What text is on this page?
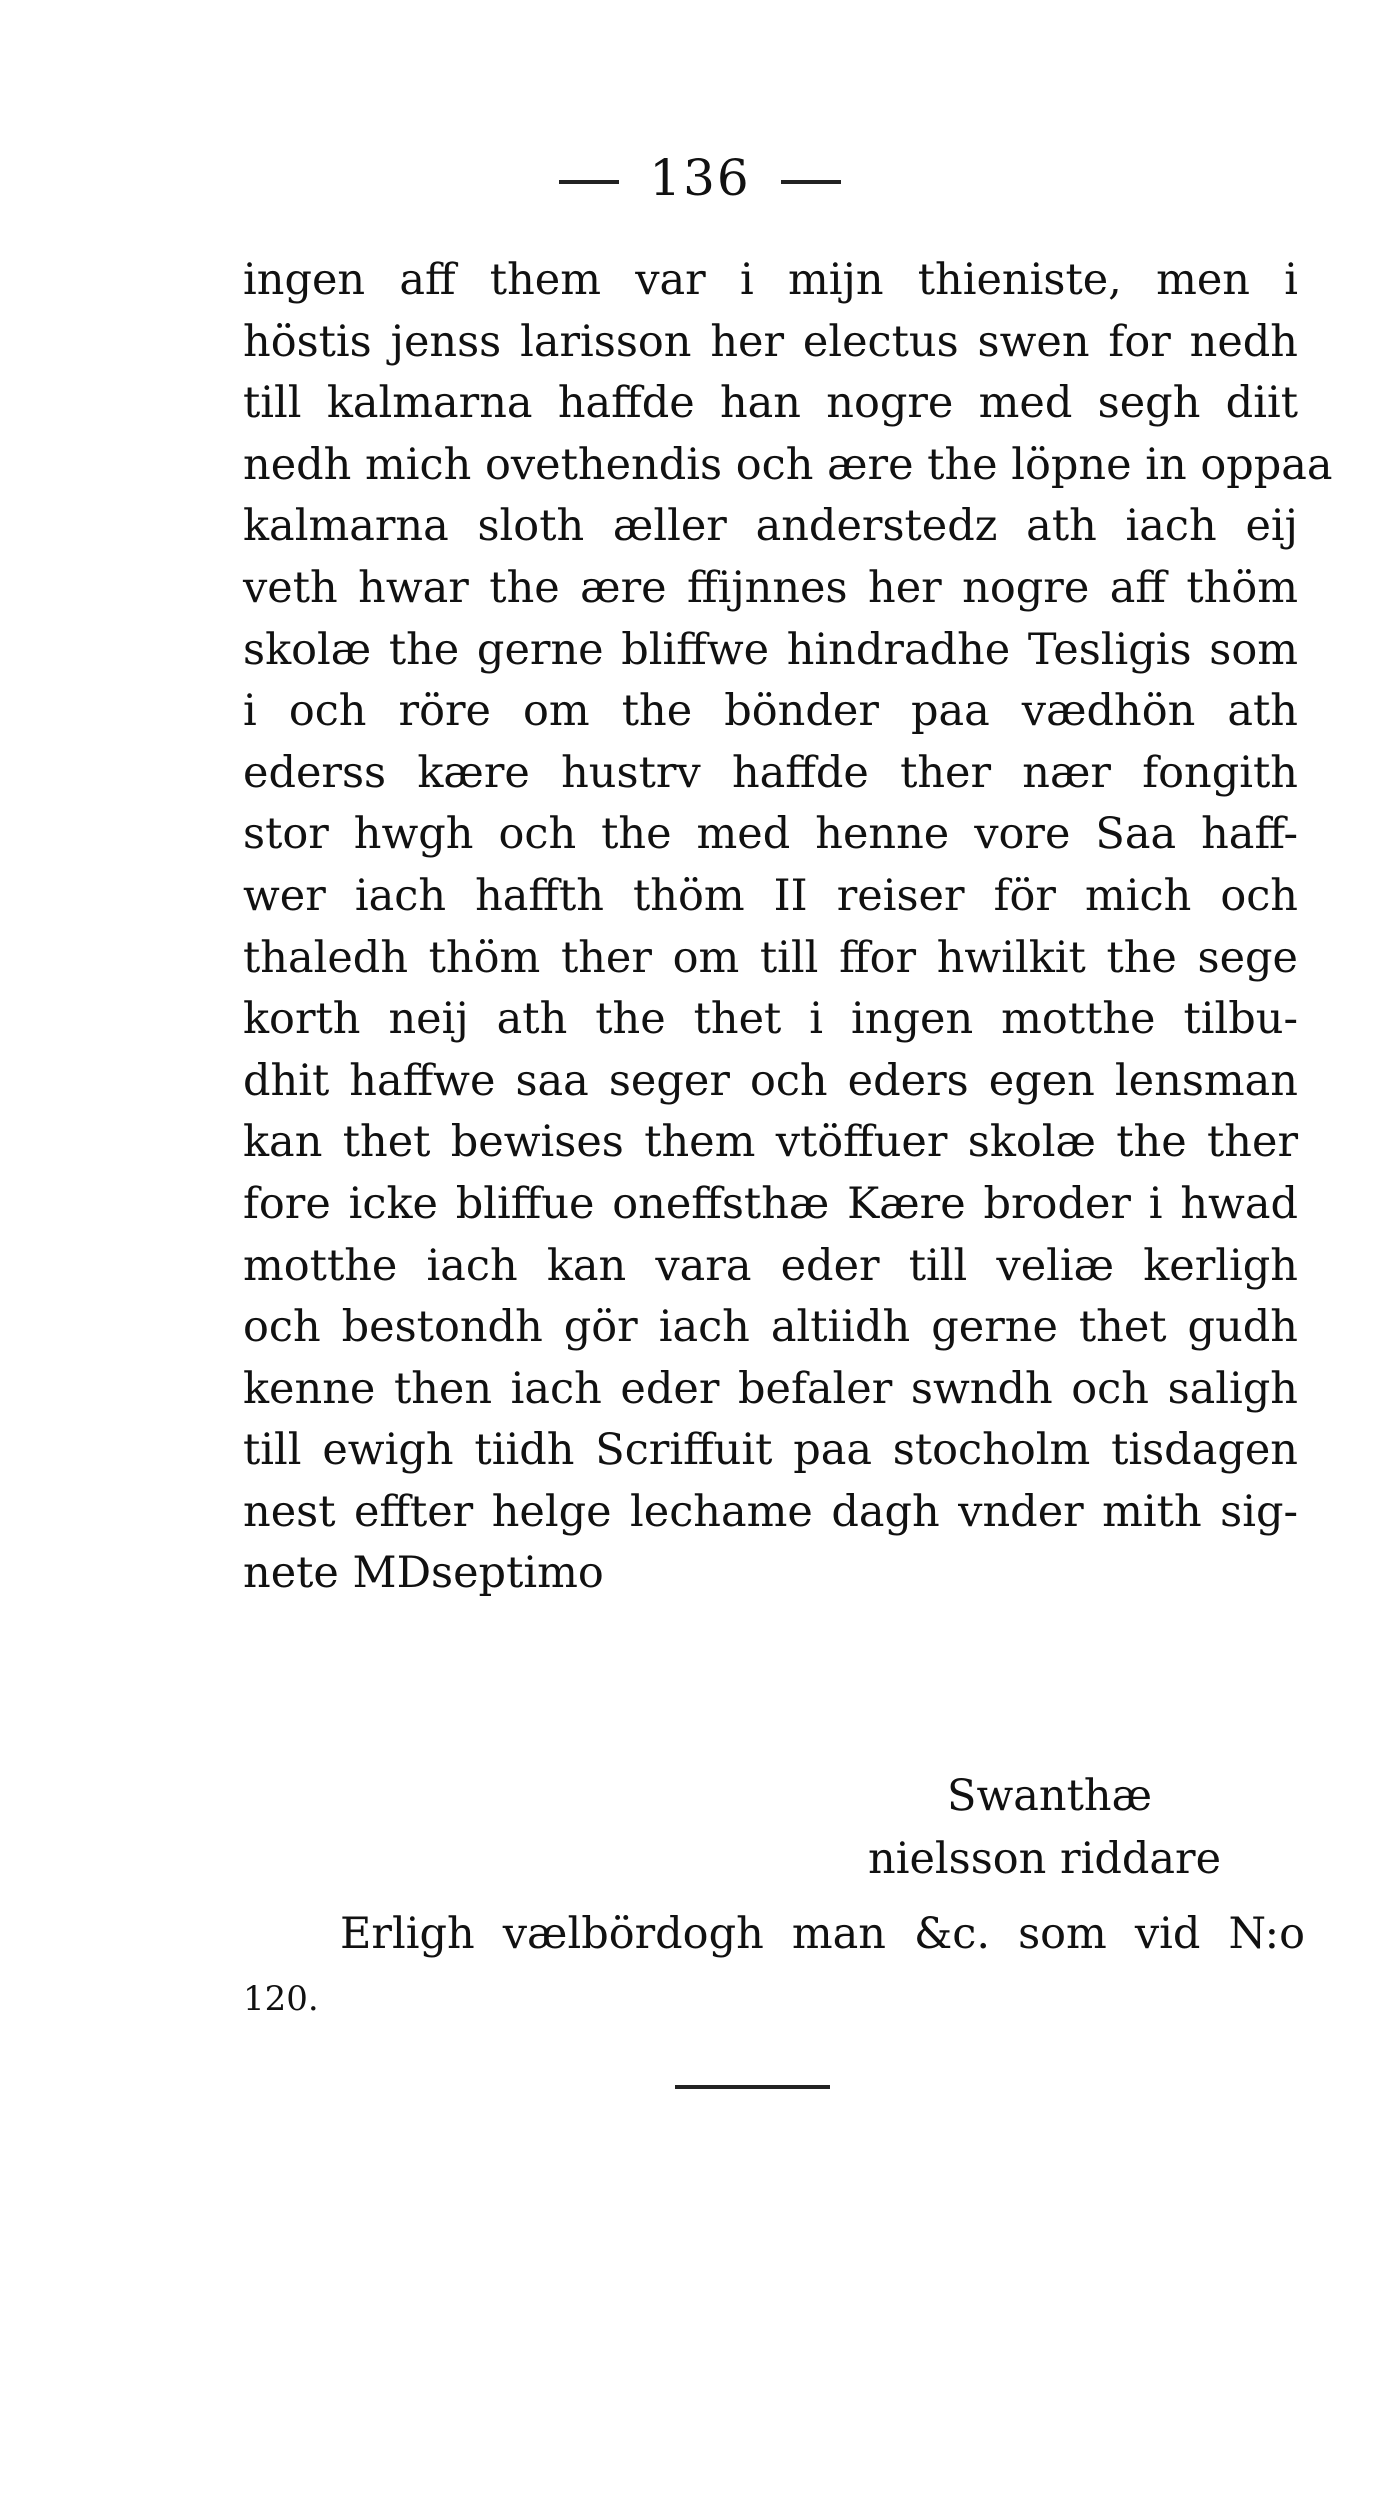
136
ingen aff them var i mijn thieniste, men i
höstis jenss larisson her electus swen for nedh
till kalmarna haffde han nogre med segh diit
nedh mich ovethendis och ære the löpne in oppaa
kalmarna sloth æller anderstedz ath iach eij
veth hwar the ære ffijnnes her nogre aff thöm
skolæ the gerne bliffwe hindradhe Tesligis som
i och röre om the bönder paa vædhön ath
ederss kære hustrv haffde ther nær fongith
stor hwgh och the med henne vore Saa haff-
wer iach haffth thöm II reiser för mich och
thaledh thöm ther om till ffor hwilkit the sege
korth neij ath the thet i ingen motthe tilbu-
dhit haffwe saa seger och eders egen lensman
kan thet bewises them vtöffuer skolæ the ther
fore icke bliffue oneffsthæ Kære broder i hwad
motthe iach kan vara eder till veliæ kerligh
och bestondh gör iach altiidh gerne thet gudh
kenne then iach eder befaler swndh och saligh
till ewigh tiidh Scriffuit paa stocholm tisdagen
nest effter helge lechame dagh vnder mith sig-
nete MDseptimo
Swanthæ
nielsson riddare
Erligh vælbördogh man &c. som vid N:o
120.
